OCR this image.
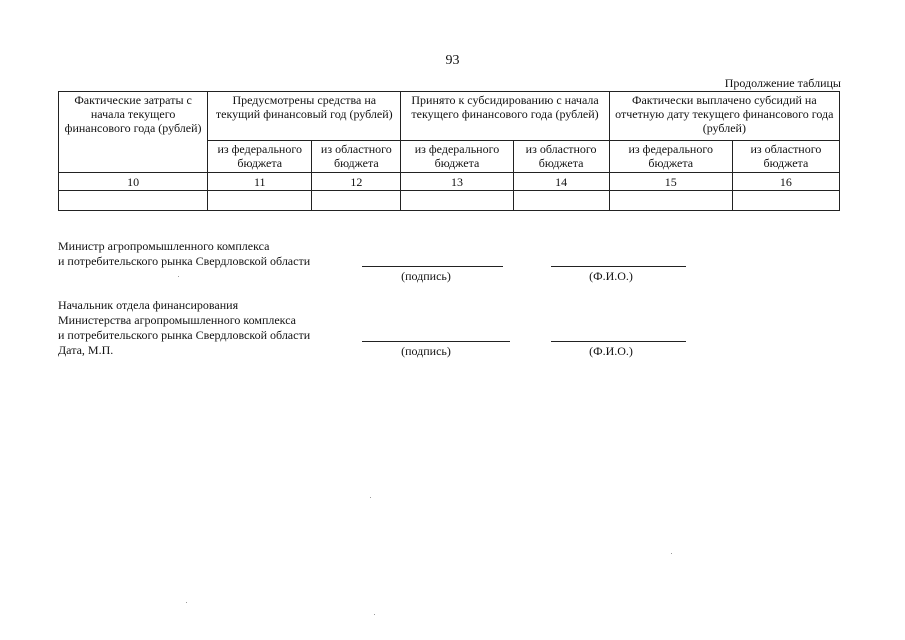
93
Продолжение таблицы
Фактические затраты с начала текущего финансового года (рублей)	Предусмотрены средства на текущий финансовый год (рублей)		Принято к субсидированию с начала текущего финансового года (рублей)		Фактически выплачено субсидий на отчетную дату текущего финансового года (рублей)	
	из федерального бюджета	из областного бюджета	из федерального бюджета	из областного бюджета	из федерального бюджета	из областного бюджета
10	11	12	13	14	15	16

Министр агропромышленного комплекса
и потребительского рынка Свердловской области
(подпись)	(Ф.И.О.)
Начальник отдела финансирования
Министерства агропромышленного комплекса
и потребительского рынка Свердловской области
Дата, М.П.	(подпись)	(Ф.И.О.)
